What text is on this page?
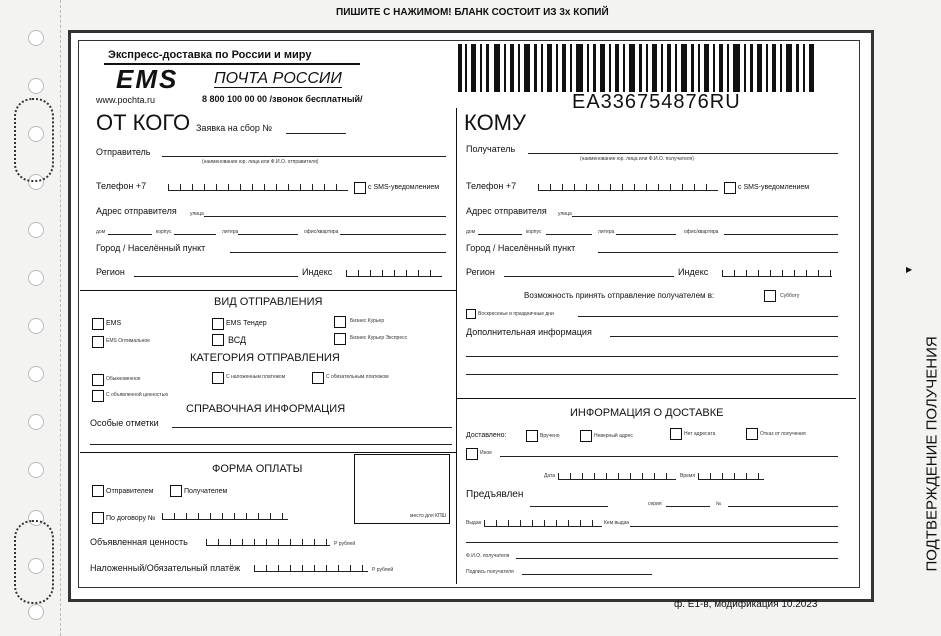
ПИШИТЕ С НАЖИМОМ! БЛАНК СОСТОИТ ИЗ 3х КОПИЙ
Экспресс-доставка по России и миру
EMS ПОЧТА РОССИИ
www.pochta.ru	8 800 100 00 00 /звонок бесплатный/	EA336754876RU
ОТ КОГО Заявка на сбор №
Отправитель
(наименование юр. лица или Ф.И.О. отправителя)
Телефон +7	с SMS-уведомлением
Адрес отправителя	улица
дом	корпус	литера	офис/квартира
Город / Населённый пункт
Регион	Индекс
КОМУ
Получатель
(наименование юр. лица или Ф.И.О. получателя)
Телефон +7	с SMS-уведомлением
Адрес отправителя улица
дом	корпус	литера	офис/квартира
Город / Населённый пункт
Регион	Индекс
Возможность принять отправление получателем в:	Субботу
Воскресенье и праздничные дни
Дополнительная информация
ВИД ОТПРАВЛЕНИЯ
EMS	EMS Тендер	Бизнес Курьер
EMS Оптимальное	ВСД	Бизнес Курьер Экспресс
КАТЕГОРИЯ ОТПРАВЛЕНИЯ
Обыкновенное	С наложенным платежом	С обязательным платежом
С объявленной ценностью
СПРАВОЧНАЯ ИНФОРМАЦИЯ
Особые отметки
ФОРМА ОПЛАТЫ
Отправителем	Получателем
По договору №	место для КПШ
Объявленная ценность	Р рублей
Наложенный/Обязательный платёж	Р рублей
ИНФОРМАЦИЯ О ДОСТАВКЕ
Доставлено:	Вручено	Неверный адрес	Нет адресата	Отказ от получения
Иное
Дата	Время
Предъявлен
серия	№
Выдан	Кем выдан
Ф.И.О. получателя
Подпись получателя
ф. Е1-в, модификация 10.2023
ПОДТВЕРЖДЕНИЕ ПОЛУЧЕНИЯ
▶
